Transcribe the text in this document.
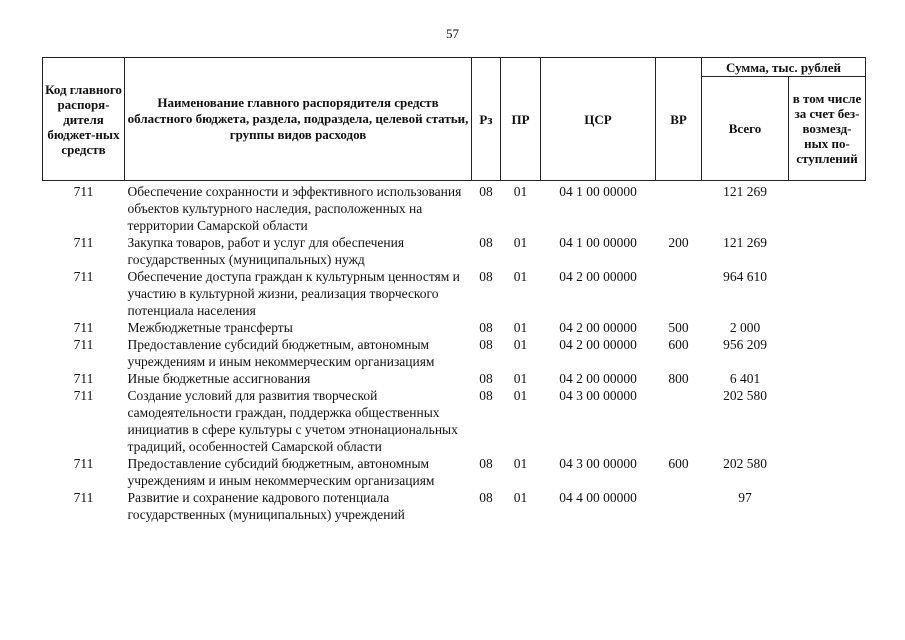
57
Код главного распоря-дителя бюджет-ных средств	Наименование главного распорядителя средств областного бюджета, раздела, подраздела, целевой статьи, группы видов расходов	Рз	ПР	ЦСР	ВР	Сумма, тыс. рублей	
						Всего	в том числе за счет без-возмезд-ных по-ступлений
711	Обеспечение сохранности и эффективного использования объектов культурного наследия, расположенных на территории Самарской области	08	01	04 1 00 00000		121 269	
711	Закупка товаров, работ и услуг для обеспечения государственных (муниципальных) нужд	08	01	04 1 00 00000	200	121 269	
711	Обеспечение доступа граждан к культурным ценностям и участию в культурной жизни, реализация творческого потенциала населения	08	01	04 2 00 00000		964 610	
711	Межбюджетные трансферты	08	01	04 2 00 00000	500	2 000	
711	Предоставление субсидий бюджетным, автономным учреждениям и иным некоммерческим организациям	08	01	04 2 00 00000	600	956 209	
711	Иные бюджетные ассигнования	08	01	04 2 00 00000	800	6 401	
711	Создание условий для развития творческой самодеятельности граждан, поддержка общественных инициатив в сфере культуры с учетом этнонациональных традиций, особенностей Самарской области	08	01	04 3 00 00000		202 580	
711	Предоставление субсидий бюджетным, автономным учреждениям и иным некоммерческим организациям	08	01	04 3 00 00000	600	202 580	
711	Развитие и сохранение кадрового потенциала государственных (муниципальных) учреждений	08	01	04 4 00 00000		97	
